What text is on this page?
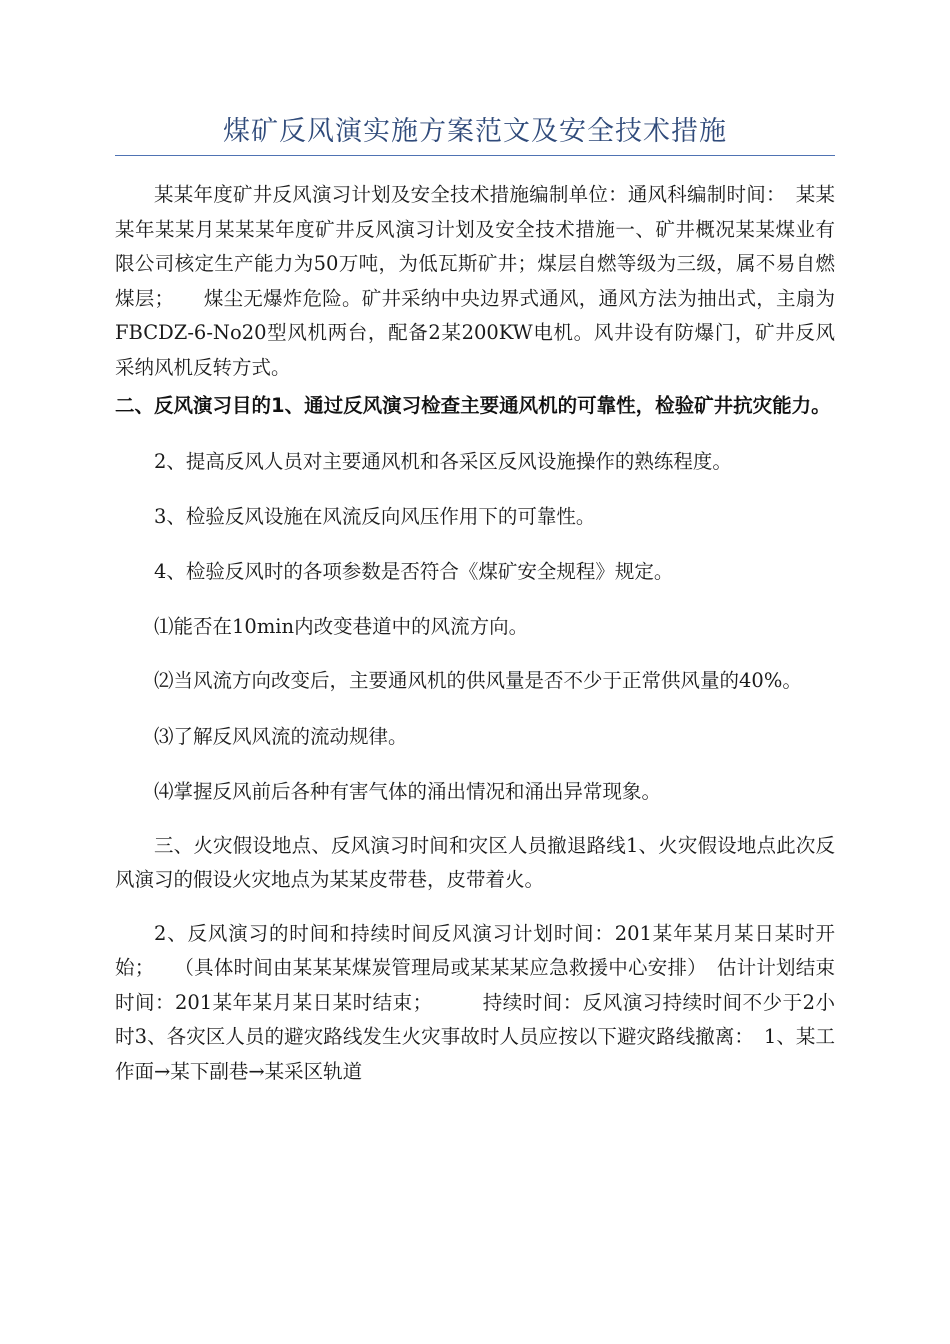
煤矿反风演实施方案范文及安全技术措施

某某年度矿井反风演习计划及安全技术措施编制单位：通风科编制时间：　某某某年某某月某某某年度矿井反风演习计划及安全技术措施一、矿井概况某某煤业有限公司核定生产能力为50万吨，为低瓦斯矿井；煤层自燃等级为三级，属不易自燃煤层；　　煤尘无爆炸危险。矿井采纳中央边界式通风，通风方法为抽出式，主扇为FBCDZ-6-No20型风机两台，配备2某200KW电机。风井设有防爆门，矿井反风采纳风机反转方式。

二、反风演习目的1、通过反风演习检查主要通风机的可靠性，检验矿井抗灾能力。

2、提高反风人员对主要通风机和各采区反风设施操作的熟练程度。

3、检验反风设施在风流反向风压作用下的可靠性。

4、检验反风时的各项参数是否符合《煤矿安全规程》规定。

⑴能否在10min内改变巷道中的风流方向。

⑵当风流方向改变后，主要通风机的供风量是否不少于正常供风量的40%。

⑶了解反风风流的流动规律。

⑷掌握反风前后各种有害气体的涌出情况和涌出异常现象。

三、火灾假设地点、反风演习时间和灾区人员撤退路线1、火灾假设地点此次反风演习的假设火灾地点为某某皮带巷，皮带着火。

2、反风演习的时间和持续时间反风演习计划时间：201某年某月某日某时开始；　　（具体时间由某某某煤炭管理局或某某某应急救援中心安排）　估计计划结束时间：201某年某月某日某时结束；　　　持续时间：反风演习持续时间不少于2小时3、各灾区人员的避灾路线发生火灾事故时人员应按以下避灾路线撤离：　1、某工作面→某下副巷→某采区轨道
